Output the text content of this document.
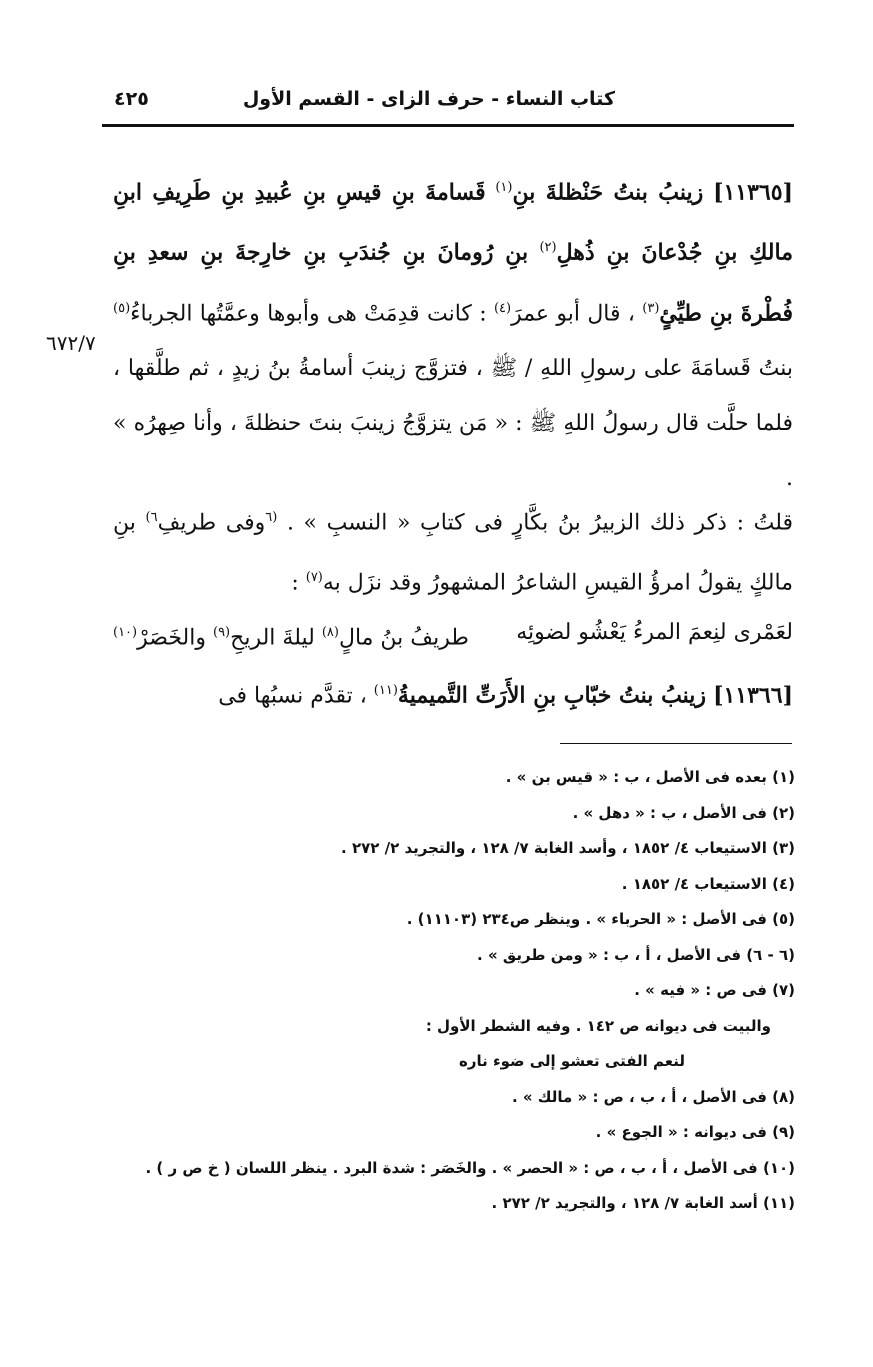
كتاب النساء - حرف الزاى - القسم الأول
٤٢٥
٦٧٢/٧
[١١٣٦٥] زينبُ بنتُ حَنْظلةَ بنِ$^{(١)}$ قَسامةَ بنِ قيسِ بنِ عُبيدِ بنِ طَرِيفِ ابنِ مالكِ بنِ جُدْعانَ بنِ ذُهلِ$^{(٢)}$ بنِ رُومانَ بنِ جُندَبِ بنِ خارِجةَ بنِ سعدِ بنِ فُطْرةَ بنِ طيِّئٍ$^{(٣)}$ ، قال أبو عمرَ$^{(٤)}$ : كانت قدِمَتْ هى وأبوها وعمَّتُها الجرباءُ$^{(٥)}$ بنتُ قَسامَةَ على رسولِ اللهِ / ﷺ ، فتزوَّج زينبَ أسامةُ بنُ زيدٍ ، ثم طلَّقها ، فلما حلَّت قال رسولُ اللهِ ﷺ : « مَن يتزوَّجُ زينبَ بنتَ حنظلةَ ، وأنا صِهرُه » .
قلتُ : ذكر ذلك الزبيرُ بنُ بكَّارٍ فى كتابِ « النسبِ » . $^{(٦}$وفى طريفِ$^{٦)}$ بنِ مالكٍ يقولُ امرؤُ القيسِ الشاعرُ المشهورُ وقد نزَل به$^{(٧)}$ :
لعَمْرى لنِعمَ المرءُ يَعْشُو لضوئِه
طريفُ بنُ مالٍ$^{(٨)}$ ليلةَ الريحِ$^{(٩)}$ والخَصَرْ$^{(١٠)}$
[١١٣٦٦] زينبُ بنتُ خبّابِ بنِ الأَرَتِّ التَّميميةُ$^{(١١)}$ ، تقدَّم نسبُها فى
(١) بعده فى الأصل ، ب : « قيس بن » .
(٢) فى الأصل ، ب : « دهل » .
(٣) الاستيعاب ٤/ ١٨٥٢ ، وأسد الغابة ٧/ ١٢٨ ، والتجريد ٢/ ٢٧٢ .
(٤) الاستيعاب ٤/ ١٨٥٢ .
(٥) فى الأصل : « الحرباء » . وينظر ص٢٣٤ (١١١٠٣) .
(٦ - ٦) فى الأصل ، أ ، ب : « ومن طريق » .
(٧) فى ص : « فيه » .
والبيت فى ديوانه ص ١٤٢ . وفيه الشطر الأول :
لنعم الفتى تعشو إلى ضوء ناره
(٨) فى الأصل ، أ ، ب ، ص : « مالك » .
(٩) فى ديوانه : « الجوع » .
(١٠) فى الأصل ، أ ، ب ، ص : « الحصر » . والخَصَر : شدة البرد . ينظر اللسان ( خ ص ر ) .
(١١) أسد الغابة ٧/ ١٢٨ ، والتجريد ٢/ ٢٧٢ .
